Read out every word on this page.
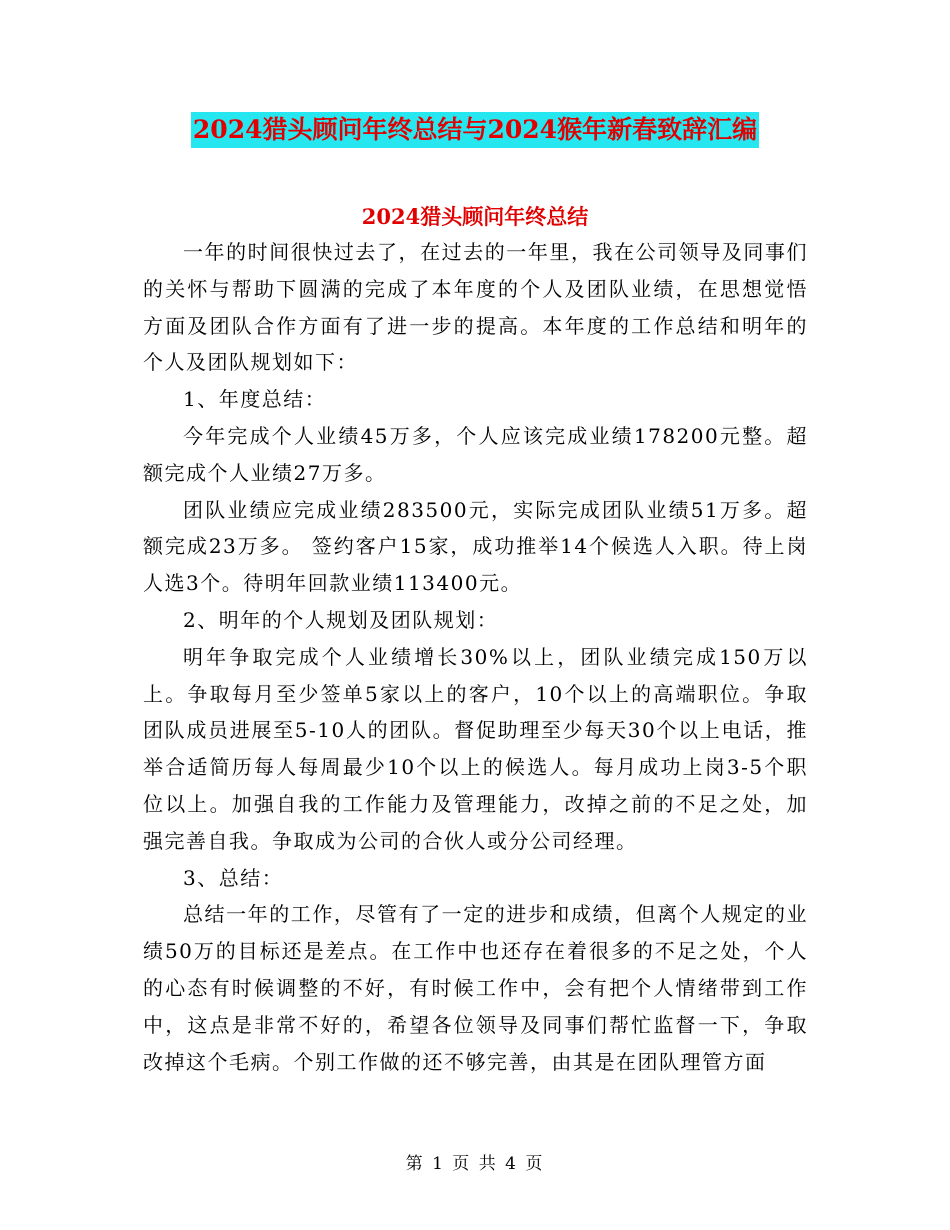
2024猎头顾问年终总结与2024猴年新春致辞汇编
2024猎头顾问年终总结

一年的时间很快过去了，在过去的一年里，我在公司领导及同事们的关怀与帮助下圆满的完成了本年度的个人及团队业绩，在思想觉悟方面及团队合作方面有了进一步的提高。本年度的工作总结和明年的个人及团队规划如下：

1、年度总结：

今年完成个人业绩45万多，个人应该完成业绩178200元整。超额完成个人业绩27万多。

团队业绩应完成业绩283500元，实际完成团队业绩51万多。超额完成23万多。 签约客户15家，成功推举14个候选人入职。待上岗人选3个。待明年回款业绩113400元。

2、明年的个人规划及团队规划：

明年争取完成个人业绩增长30%以上，团队业绩完成150万以上。争取每月至少签单5家以上的客户，10个以上的高端职位。争取团队成员进展至5-10人的团队。督促助理至少每天30个以上电话，推举合适简历每人每周最少10个以上的候选人。每月成功上岗3-5个职位以上。加强自我的工作能力及管理能力，改掉之前的不足之处，加强完善自我。争取成为公司的合伙人或分公司经理。

3、总结：

总结一年的工作，尽管有了一定的进步和成绩，但离个人规定的业绩50万的目标还是差点。在工作中也还存在着很多的不足之处，个人的心态有时候调整的不好，有时候工作中，会有把个人情绪带到工作中，这点是非常不好的，希望各位领导及同事们帮忙监督一下，争取改掉这个毛病。个别工作做的还不够完善，由其是在团队理管方面

第 1 页 共 4 页
